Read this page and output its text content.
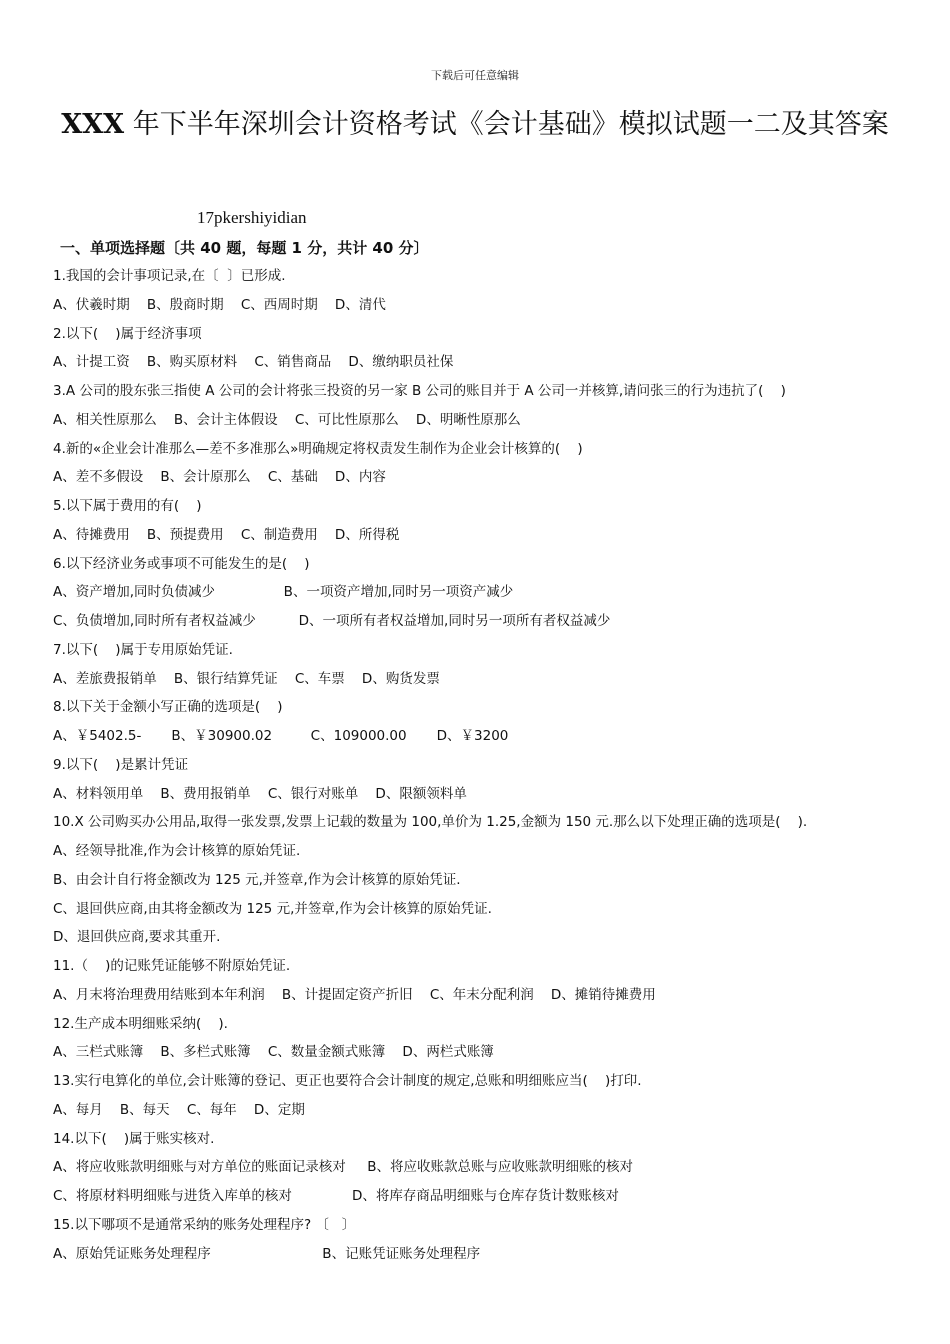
下载后可任意编辑
XXX 年下半年深圳会计资格考试《会计基础》模拟试题一二及其答案
17pkershiyidian
一、单项选择题〔共 40 题，每题 1 分，共计 40 分〕
1.我国的会计事项记录,在〔  〕已形成.
A、伏羲时期    B、殷商时期    C、西周时期    D、清代
2.以下(    )属于经济事项
A、计提工资    B、购买原材料    C、销售商品    D、缴纳职员社保
3.A 公司的股东张三指使 A 公司的会计将张三投资的另一家 B 公司的账目并于 A 公司一并核算,请问张三的行为违抗了(    )
A、相关性原那么    B、会计主体假设    C、可比性原那么    D、明晰性原那么
4.新的«企业会计准那么—差不多准那么»明确规定将权责发生制作为企业会计核算的(    )
A、差不多假设    B、会计原那么    C、基础    D、内容
5.以下属于费用的有(    )
A、待摊费用    B、预提费用    C、制造费用    D、所得税
6.以下经济业务或事项不可能发生的是(    )
A、资产增加,同时负债减少                B、一项资产增加,同时另一项资产减少
C、负债增加,同时所有者权益减少          D、一项所有者权益增加,同时另一项所有者权益减少
7.以下(    )属于专用原始凭证.
A、差旅费报销单    B、银行结算凭证    C、车票    D、购货发票
8.以下关于金额小写正确的选项是(    )
A、￥5402.5-       B、￥30900.02         C、109000.00       D、￥3200
9.以下(    )是累计凭证
A、材料领用单    B、费用报销单    C、银行对账单    D、限额领料单
10.X 公司购买办公用品,取得一张发票,发票上记载的数量为 100,单价为 1.25,金额为 150 元.那么以下处理正确的选项是(    ).
A、经领导批准,作为会计核算的原始凭证.
B、由会计自行将金额改为 125 元,并签章,作为会计核算的原始凭证.
C、退回供应商,由其将金额改为 125 元,并签章,作为会计核算的原始凭证.
D、退回供应商,要求其重开.
11.（    )的记账凭证能够不附原始凭证.
A、月末将治理费用结账到本年利润    B、计提固定资产折旧    C、年末分配利润    D、摊销待摊费用
12.生产成本明细账采纳(    ).
A、三栏式账簿    B、多栏式账簿    C、数量金额式账簿    D、两栏式账簿
13.实行电算化的单位,会计账簿的登记、更正也要符合会计制度的规定,总账和明细账应当(    )打印.
A、每月    B、每天    C、每年    D、定期
14.以下(    )属于账实核对.
A、将应收账款明细账与对方单位的账面记录核对     B、将应收账款总账与应收账款明细账的核对
C、将原材料明细账与进货入库单的核对              D、将库存商品明细账与仓库存货计数账核对
15.以下哪项不是通常采纳的账务处理程序? 〔   〕
A、原始凭证账务处理程序                          B、记账凭证账务处理程序
